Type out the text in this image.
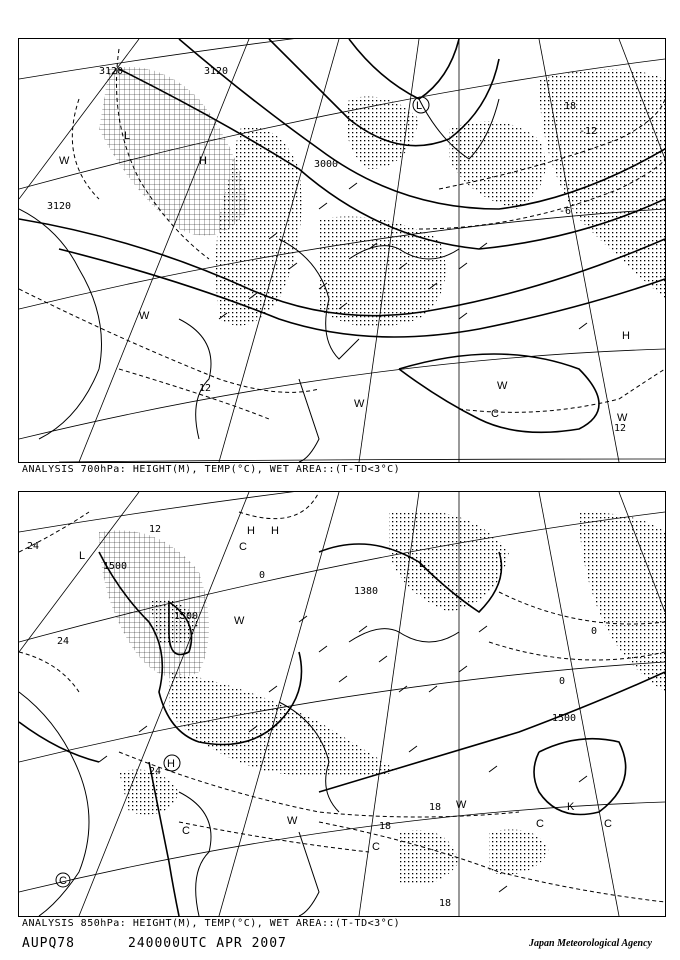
3120	3120
3000
3120
-12
-6
12
12
18
L
H
W
W
H
W
W
C	W
L
ANALYSIS 700hPa: HEIGHT(M), TEMP(°C), WET AREA::(T-TD<3°C)
1500
1500
1380
1500
24
24
24
18
18
18
12
0
0
0
L
H H
H
W
C
C
W
C	C
K
C
W
L
C
ANALYSIS 850hPa: HEIGHT(M), TEMP(°C), WET AREA::(T-TD<3°C)
AUPQ78	240000UTC APR 2007	Japan Meteorological Agency
